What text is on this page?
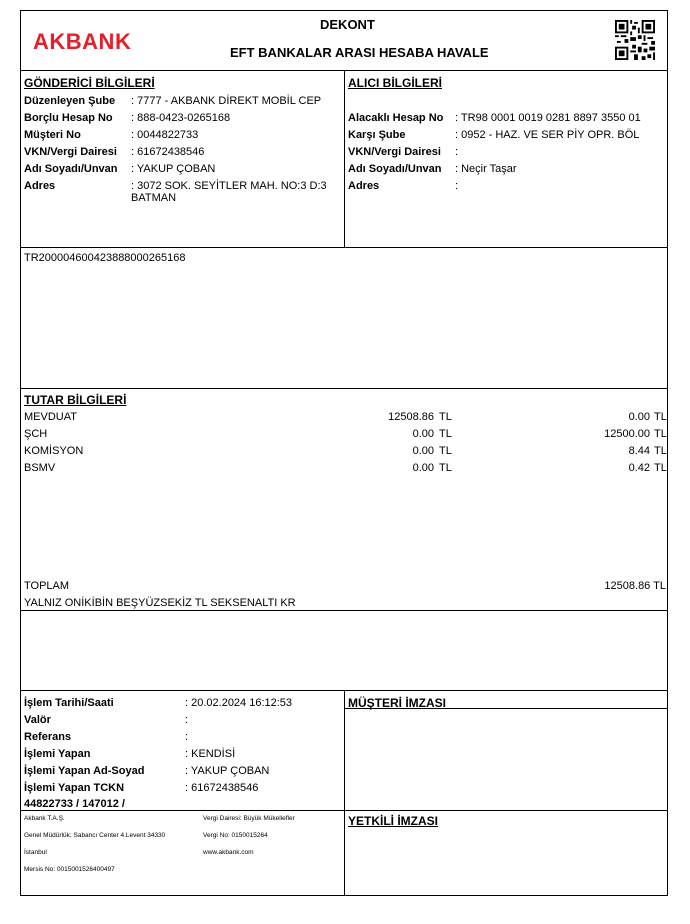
AKBANK
DEKONT
EFT BANKALAR ARASI HESABA HAVALE
GÖNDERİCİ BİLGİLERİ
Düzenleyen Şube : 7777 - AKBANK DİREKT MOBİL CEP
Borçlu Hesap No : 888-0423-0265168
Müşteri No	: 0044822733
VKN/Vergi Dairesi : 61672438546
Adı Soyadı/Unvan : YAKUP ÇOBAN
Adres	: 3072 SOK. SEYİTLER MAH. NO:3 D:3
BATMAN
ALICI BİLGİLERİ
Alacaklı Hesap No : TR98 0001 0019 0281 8897 3550 01
Karşı Şube	: 0952 - HAZ. VE SER PİY OPR. BÖL
VKN/Vergi Dairesi :
Adı Soyadı/Unvan : Neçir Taşar
Adres	:
TR200004600423888000265168
TUTAR BİLGİLERİ
MEVDUAT	12508.86 TL	0.00 TL
ŞCH	0.00 TL	12500.00 TL
KOMİSYON	0.00 TL	8.44 TL
BSMV	0.00 TL	0.42 TL
TOPLAM	12508.86 TL
YALNIZ ONİKİBİN BEŞYÜZSEKİZ TL SEKSENALTI KR
İşlem Tarihi/Saati	: 20.02.2024 16:12:53
Valör	:
Referans	:
İşlemi Yapan	: KENDİSİ
İşlemi Yapan Ad-Soyad	: YAKUP ÇOBAN
İşlemi Yapan TCKN	: 61672438546
44822733 / 147012 /
MÜŞTERİ İMZASI
YETKİLİ İMZASI
Akbank T.A.Ş.
Genel Müdürlük: Sabancı Center 4.Levent 34330
İstanbul
Mersis No: 0015001526400497
Vergi Dairesi: Büyük Mükellefler
Vergi No: 0150015264
www.akbank.com
